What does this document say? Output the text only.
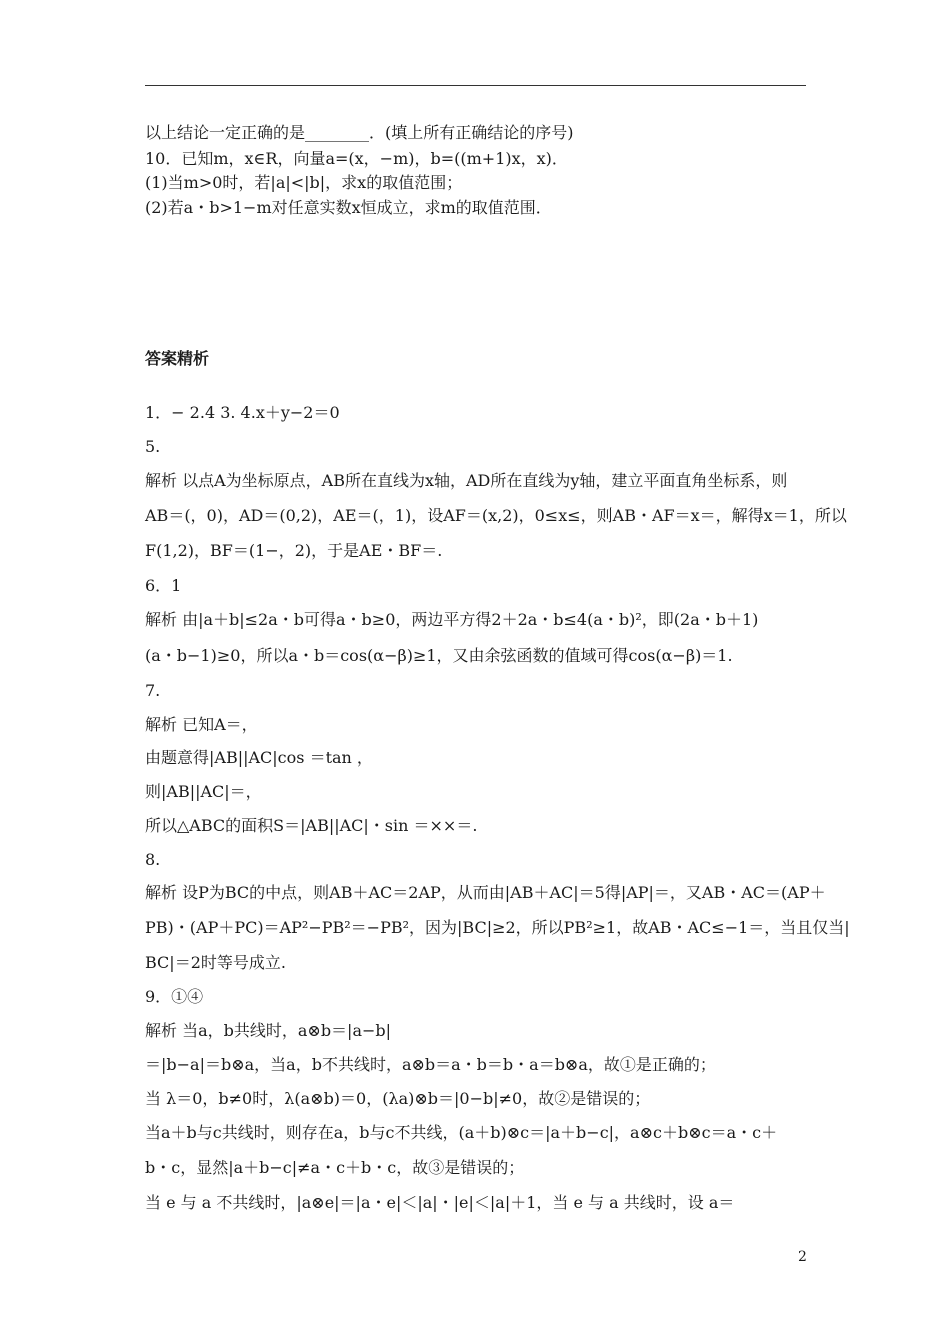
以上结论一定正确的是________．(填上所有正确结论的序号)
10．已知m，x∈R，向量a=(x，−m)，b=((m+1)x，x)．
(1)当m>0时，若|a|<|b|，求x的取值范围；
(2)若a・b>1−m对任意实数x恒成立，求m的取值范围．
答案精析
1．− 2.4 3. 4.x＋y−2＝0
5.
解析 以点A为坐标原点，AB所在直线为x轴，AD所在直线为y轴，建立平面直角坐标系，则
AB＝(，0)，AD＝(0,2)，AE＝(，1)，设AF＝(x,2)，0≤x≤，则AB・AF＝x＝，解得x＝1，所以
F(1,2)，BF＝(1−，2)，于是AE・BF＝.
6．1
解析 由|a＋b|≤2a・b可得a・b≥0，两边平方得2＋2a・b≤4(a・b)²，即(2a・b＋1)
(a・b−1)≥0，所以a・b＝cos(α−β)≥1，又由余弦函数的值域可得cos(α−β)＝1.
7.
解析 已知A＝，
由题意得|AB||AC|cos ＝tan ，
则|AB||AC|＝，
所以△ABC的面积S＝|AB||AC|・sin ＝××＝.
8.
解析 设P为BC的中点，则AB＋AC＝2AP，从而由|AB＋AC|＝5得|AP|＝，又AB・AC＝(AP＋
PB)・(AP＋PC)＝AP²−PB²＝−PB²，因为|BC|≥2，所以PB²≥1，故AB・AC≤−1＝，当且仅当|
BC|＝2时等号成立.
9．①④
解析 当a，b共线时，a⊗b＝|a−b|
＝|b−a|＝b⊗a，当a，b不共线时，a⊗b＝a・b＝b・a＝b⊗a，故①是正确的；
当 λ＝0，b≠0时，λ(a⊗b)＝0，(λa)⊗b＝|0−b|≠0，故②是错误的；
当a＋b与c共线时，则存在a，b与c不共线，(a＋b)⊗c＝|a＋b−c|，a⊗c＋b⊗c＝a・c＋
b・c，显然|a＋b−c|≠a・c＋b・c，故③是错误的；
当 e 与 a 不共线时，|a⊗e|＝|a・e|＜|a|・|e|＜|a|＋1，当 e 与 a 共线时，设 a＝
2
